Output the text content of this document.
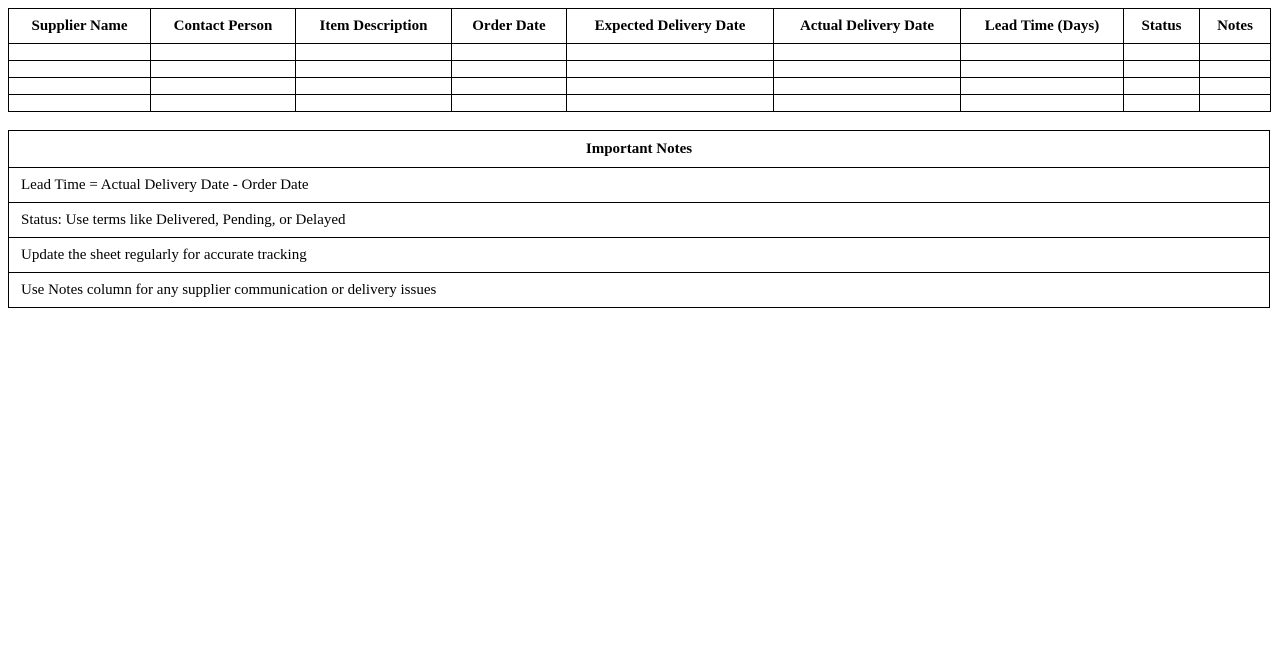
Supplier Name	Contact Person	Item Description	Order Date	Expected Delivery Date	Actual Delivery Date	Lead Time (Days)	Status	Notes

Important Notes
Lead Time = Actual Delivery Date - Order Date
Status: Use terms like Delivered, Pending, or Delayed
Update the sheet regularly for accurate tracking
Use Notes column for any supplier communication or delivery issues
